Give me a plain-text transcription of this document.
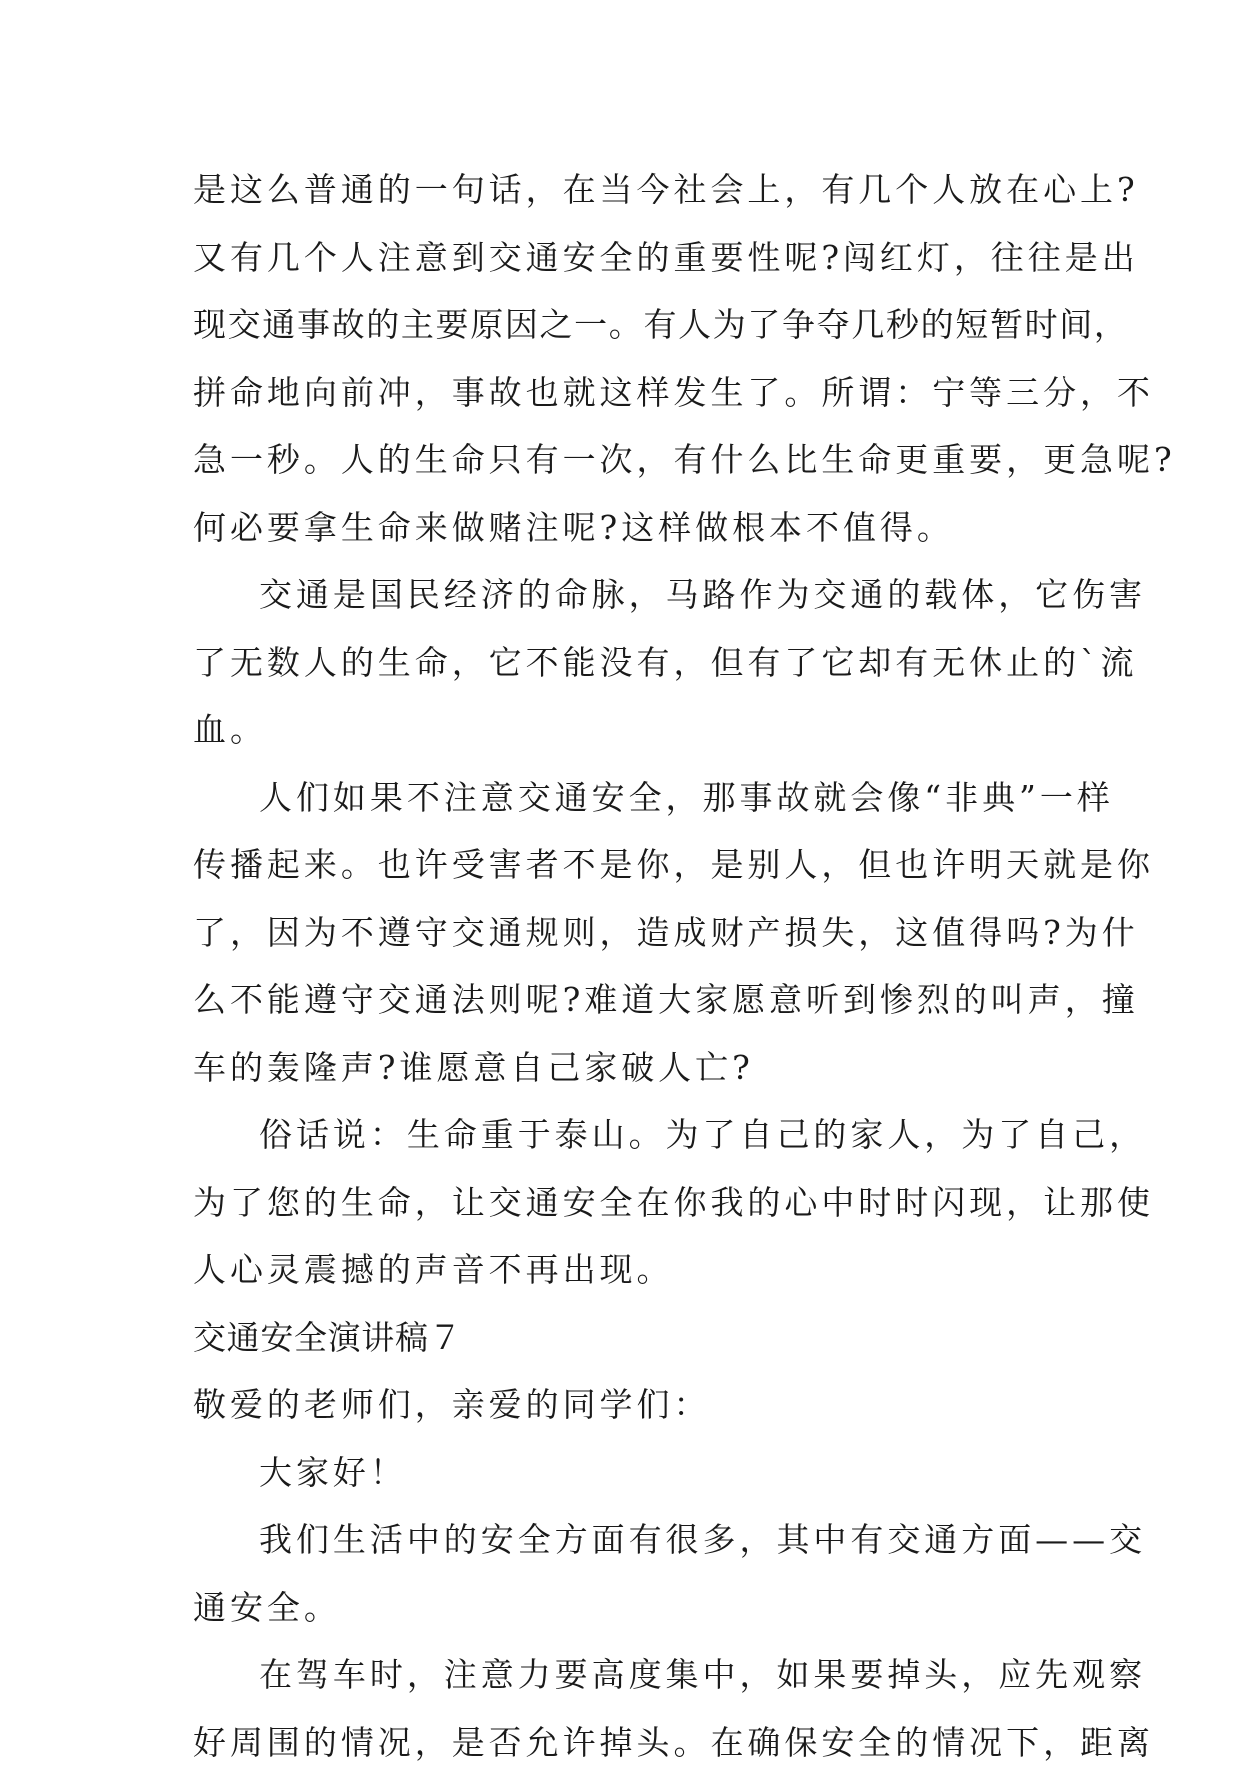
是这么普通的一句话，在当今社会上，有几个人放在心上?
又有几个人注意到交通安全的重要性呢?闯红灯，往往是出
现交通事故的主要原因之一。有人为了争夺几秒的短暂时间，
拼命地向前冲，事故也就这样发生了。所谓：宁等三分，不
急一秒。人的生命只有一次，有什么比生命更重要，更急呢?
何必要拿生命来做赌注呢?这样做根本不值得。
交通是国民经济的命脉，马路作为交通的载体，它伤害
了无数人的生命，它不能没有，但有了它却有无休止的`流
血。
人们如果不注意交通安全，那事故就会像“非典”一样
传播起来。也许受害者不是你，是别人，但也许明天就是你
了，因为不遵守交通规则，造成财产损失，这值得吗?为什
么不能遵守交通法则呢?难道大家愿意听到惨烈的叫声，撞
车的轰隆声?谁愿意自己家破人亡?
俗话说：生命重于泰山。为了自己的家人，为了自己，
为了您的生命，让交通安全在你我的心中时时闪现，让那使
人心灵震撼的声音不再出现。
交通安全演讲稿７
敬爱的老师们，亲爱的同学们：
大家好！
我们生活中的安全方面有很多，其中有交通方面——交
通安全。
在驾车时，注意力要高度集中，如果要掉头，应先观察
好周围的情况，是否允许掉头。在确保安全的情况下，距离
